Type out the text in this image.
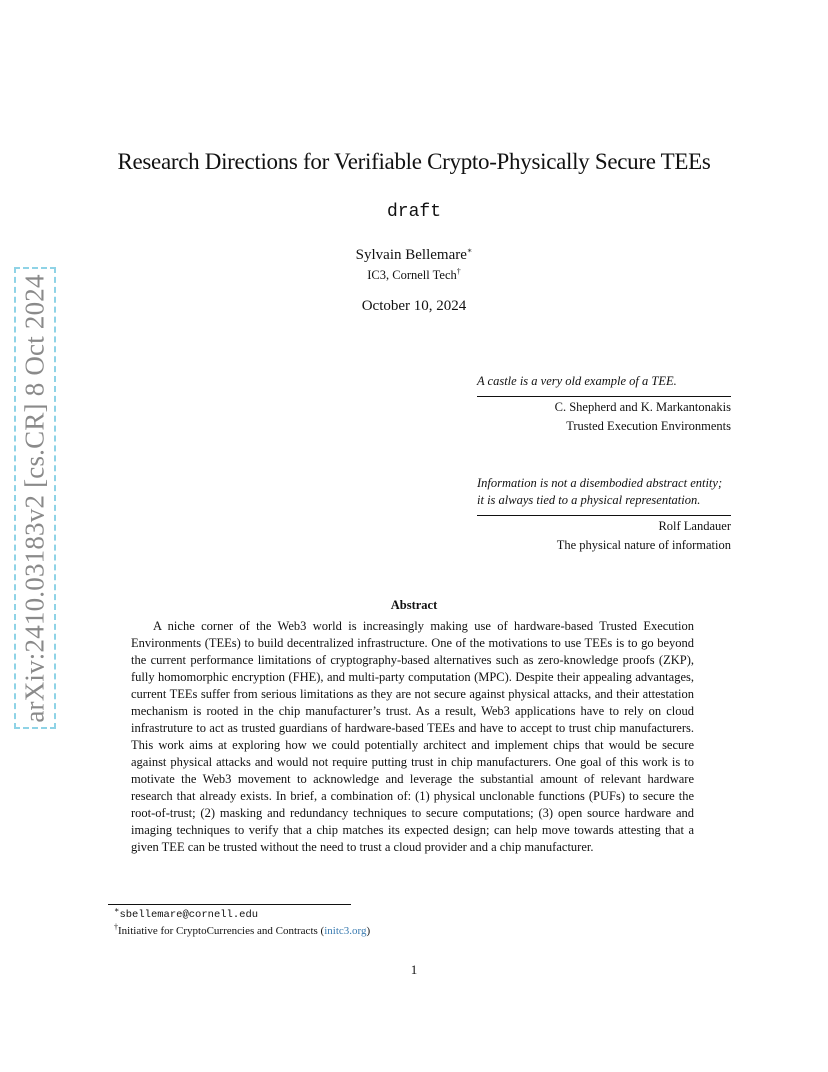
arXiv:2410.03183v2 [cs.CR] 8 Oct 2024
Research Directions for Verifiable Crypto-Physically Secure TEEs
draft
Sylvain Bellemare∗
IC3, Cornell Tech†
October 10, 2024
A castle is a very old example of a TEE.
C. Shepherd and K. Markantonakis
Trusted Execution Environments
Information is not a disembodied abstract entity; it is always tied to a physical representation.
Rolf Landauer
The physical nature of information
Abstract
A niche corner of the Web3 world is increasingly making use of hardware-based Trusted Execution Environments (TEEs) to build decentralized infrastructure. One of the motivations to use TEEs is to go beyond the current performance limitations of cryptography-based alternatives such as zero-knowledge proofs (ZKP), fully homomorphic encryption (FHE), and multi-party computation (MPC). Despite their appealing advantages, current TEEs suffer from serious limitations as they are not secure against physical attacks, and their attestation mechanism is rooted in the chip manufacturer’s trust. As a result, Web3 applications have to rely on cloud infrastruture to act as trusted guardians of hardware-based TEEs and have to accept to trust chip manufacturers. This work aims at exploring how we could potentially architect and implement chips that would be secure against physical attacks and would not require putting trust in chip manufacturers. One goal of this work is to motivate the Web3 movement to acknowledge and leverage the substantial amount of relevant hardware research that already exists. In brief, a combination of: (1) physical unclonable functions (PUFs) to secure the root-of-trust; (2) masking and redundancy techniques to secure computations; (3) open source hardware and imaging techniques to verify that a chip matches its expected design; can help move towards attesting that a given TEE can be trusted without the need to trust a cloud provider and a chip manufacturer.
∗sbellemare@cornell.edu
†Initiative for CryptoCurrencies and Contracts (initc3.org)
1
